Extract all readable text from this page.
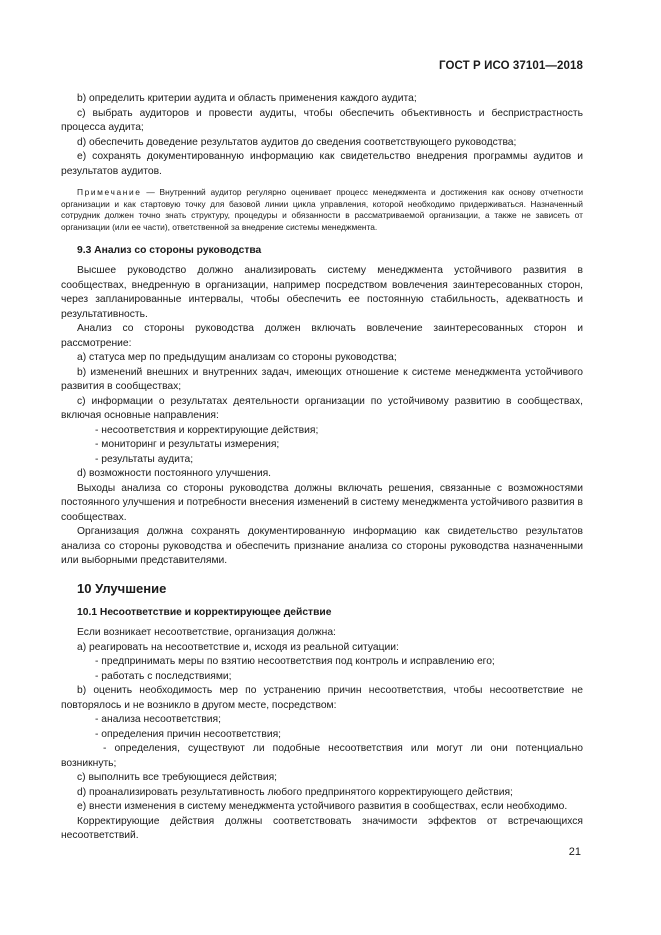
ГОСТ Р ИСО 37101—2018

b) определить критерии аудита и область применения каждого аудита;

c) выбрать аудиторов и провести аудиты, чтобы обеспечить объективность и беспристрастность процесса аудита;

d) обеспечить доведение результатов аудитов до сведения соответствующего руководства;

e) сохранять документированную информацию как свидетельство внедрения программы аудитов и результатов аудитов.

Примечание — Внутренний аудитор регулярно оценивает процесс менеджмента и достижения как основу отчетности организации и как стартовую точку для базовой линии цикла управления, которой необходимо придерживаться. Назначенный сотрудник должен точно знать структуру, процедуры и обязанности в рассматриваемой организации, а также не зависеть от организации (или ее части), ответственной за внедрение системы менеджмента.

9.3 Анализ со стороны руководства

Высшее руководство должно анализировать систему менеджмента устойчивого развития в сообществах, внедренную в организации, например посредством вовлечения заинтересованных сторон, через запланированные интервалы, чтобы обеспечить ее постоянную стабильность, адекватность и результативность.

Анализ со стороны руководства должен включать вовлечение заинтересованных сторон и рассмотрение:

a) статуса мер по предыдущим анализам со стороны руководства;

b) изменений внешних и внутренних задач, имеющих отношение к системе менеджмента устойчивого развития в сообществах;

c) информации о результатах деятельности организации по устойчивому развитию в сообществах, включая основные направления:

- несоответствия и корректирующие действия;

- мониторинг и результаты измерения;

- результаты аудита;

d) возможности постоянного улучшения.

Выходы анализа со стороны руководства должны включать решения, связанные с возможностями постоянного улучшения и потребности внесения изменений в систему менеджмента устойчивого развития в сообществах.

Организация должна сохранять документированную информацию как свидетельство результатов анализа со стороны руководства и обеспечить признание анализа со стороны руководства назначенными или выборными представителями.

10 Улучшение

10.1 Несоответствие и корректирующее действие

Если возникает несоответствие, организация должна:

a) реагировать на несоответствие и, исходя из реальной ситуации:

- предпринимать меры по взятию несоответствия под контроль и исправлению его;

- работать с последствиями;

b) оценить необходимость мер по устранению причин несоответствия, чтобы несоответствие не повторялось и не возникло в другом месте, посредством:

- анализа несоответствия;

- определения причин несоответствия;

- определения, существуют ли подобные несоответствия или могут ли они потенциально возникнуть;

c) выполнить все требующиеся действия;

d) проанализировать результативность любого предпринятого корректирующего действия;

e) внести изменения в систему менеджмента устойчивого развития в сообществах, если необходимо.

Корректирующие действия должны соответствовать значимости эффектов от встречающихся несоответствий.

21
